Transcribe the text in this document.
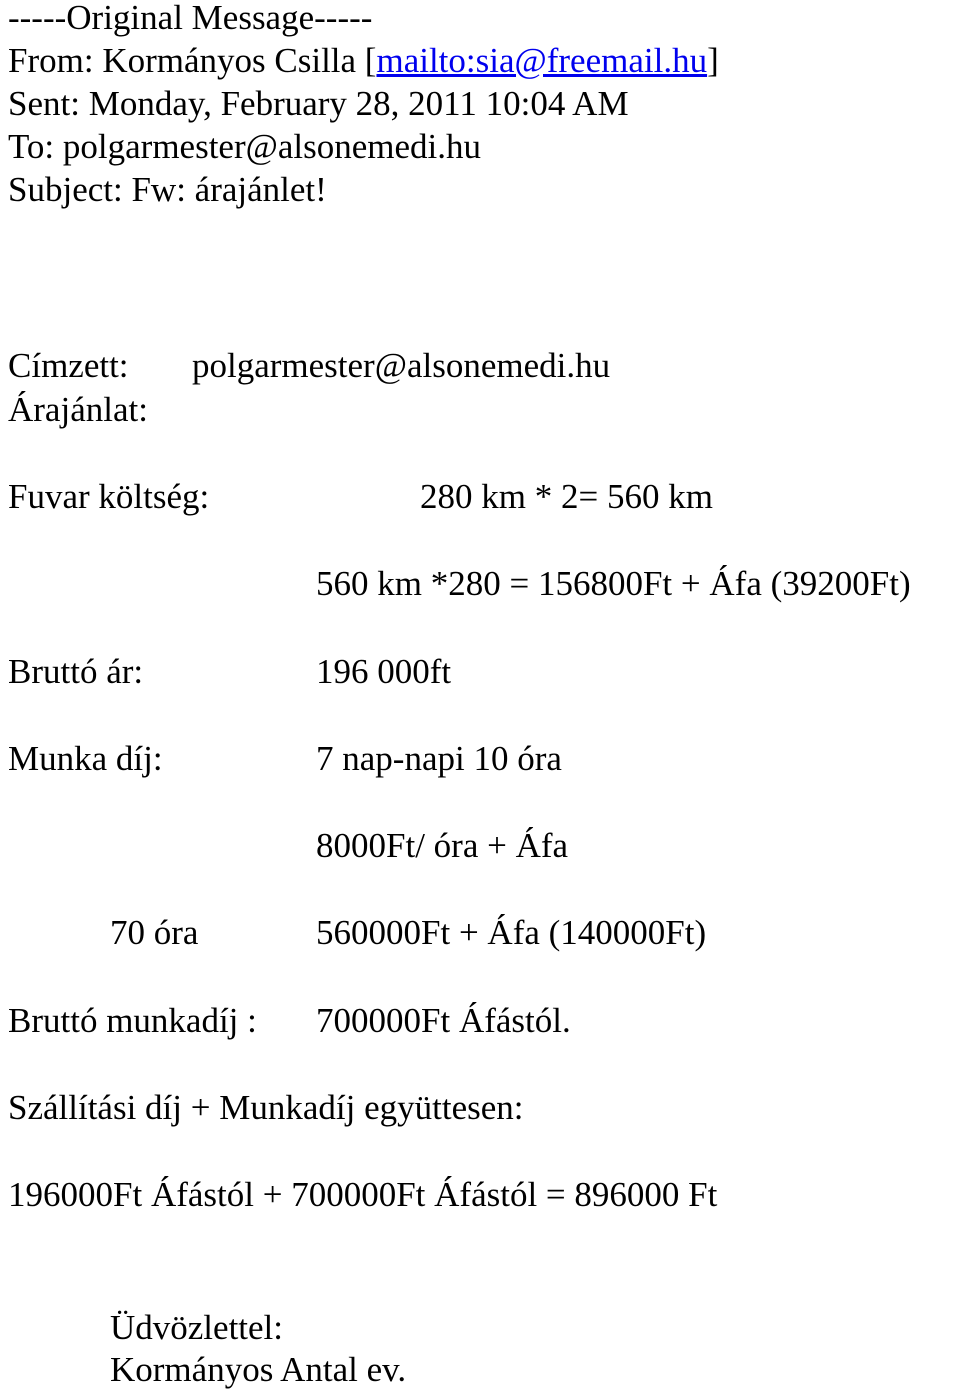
-----Original Message-----
From: Kormányos Csilla [mailto:sia@freemail.hu]
Sent: Monday, February 28, 2011 10:04 AM
To: polgarmester@alsonemedi.hu
Subject: Fw: árajánlet!
Címzett: polgarmester@alsonemedi.hu
Árajánlat:
Fuvar költség:	280 km * 2= 560 km
560 km *280 = 156800Ft + Áfa (39200Ft)
Bruttó ár:	196 000ft
Munka díj:	7 nap-napi 10 óra
8000Ft/ óra + Áfa
70 óra	560000Ft + Áfa (140000Ft)
Bruttó munkadíj : 700000Ft Áfástól.
Szállítási díj + Munkadíj együttesen:
196000Ft Áfástól + 700000Ft Áfástól = 896000 Ft
Üdvözlettel:
Kormányos Antal ev.
